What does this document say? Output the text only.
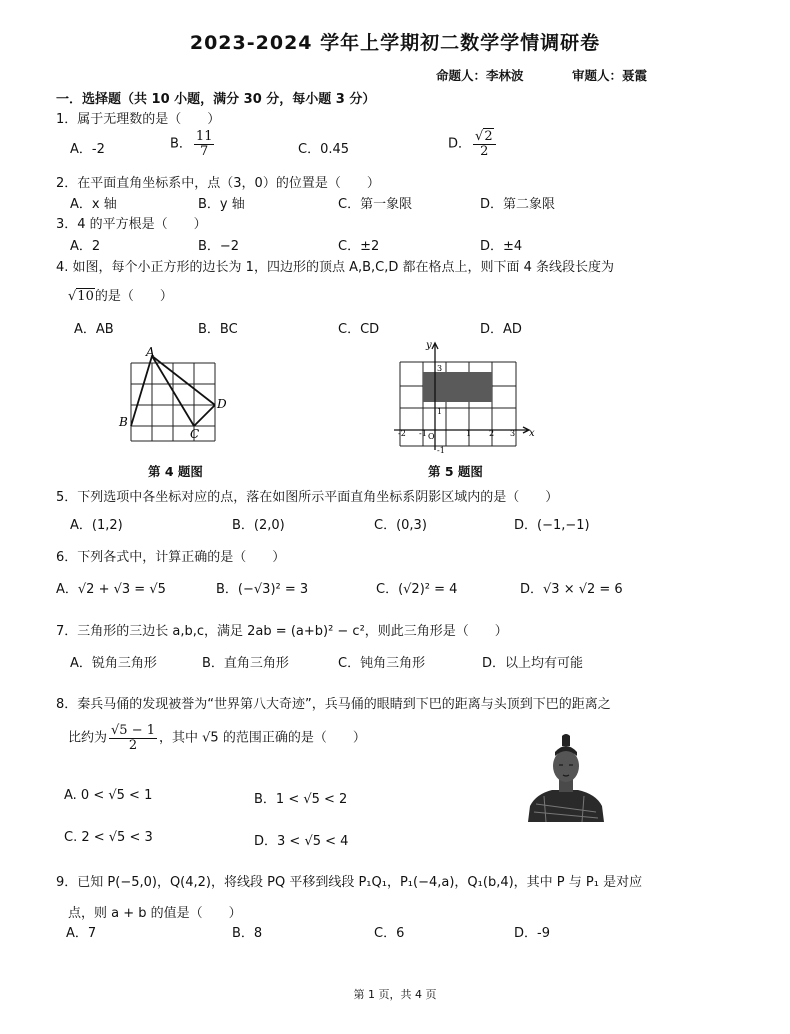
2023-2024 学年上学期初二数学学情调研卷
命题人：李林波	审题人：聂霞
一．选择题（共 10 小题，满分 30 分，每小题 3 分）
1．属于无理数的是（　　）
A．-2	B． $\frac{11}{7}$	C．0.45	D． $\frac{√2}{2}$
2．在平面直角坐标系中，点（3，0）的位置是（　　）
A．x 轴	B．y 轴	C．第一象限	D．第二象限
3．4 的平方根是（　　）
A．2	B．−2	C．±2	D．±4
4. 如图，每个小正方形的边长为 1，四边形的顶点 A,B,C,D 都在格点上，则下面 4 条线段长度为
√10的是（　　）
A．AB	B．BC	C．CD	D．AD
A
B
C
D
第 4 题图
y
x
-2 -1 O	1 2 3
3
1
-1
第 5 题图
5．下列选项中各坐标对应的点，落在如图所示平面直角坐标系阴影区域内的是（　　）
A．(1,2)	B．(2,0)	C．(0,3)	D．(−1,−1)
6．下列各式中，计算正确的是（　　）
A．√2 + √3 = √5	B．(−√3)² = 3	C．(√2)² = 4	D．√3 × √2 = 6
7．三角形的三边长 a,b,c，满足 2ab = (a+b)² − c²，则此三角形是（　　）
A．锐角三角形	B．直角三角形	C．钝角三角形	D．以上均有可能
8．秦兵马俑的发现被誉为“世界第八大奇迹”，兵马俑的眼睛到下巴的距离与头顶到下巴的距离之
比约为 $\frac{√5 - 1}{2}$ ，其中 √5 的范围正确的是（　　）
A. 0 < √5 < 1	B．1 < √5 < 2
C. 2 < √5 < 3	D．3 < √5 < 4
9．已知 P(−5,0)，Q(4,2)，将线段 PQ 平移到线段 P₁Q₁，P₁(−4,a)，Q₁(b,4)，其中 P 与 P₁ 是对应
点，则 a + b 的值是（　　）
A．7	B．8	C．6	D．-9
第 1 页，共 4 页
